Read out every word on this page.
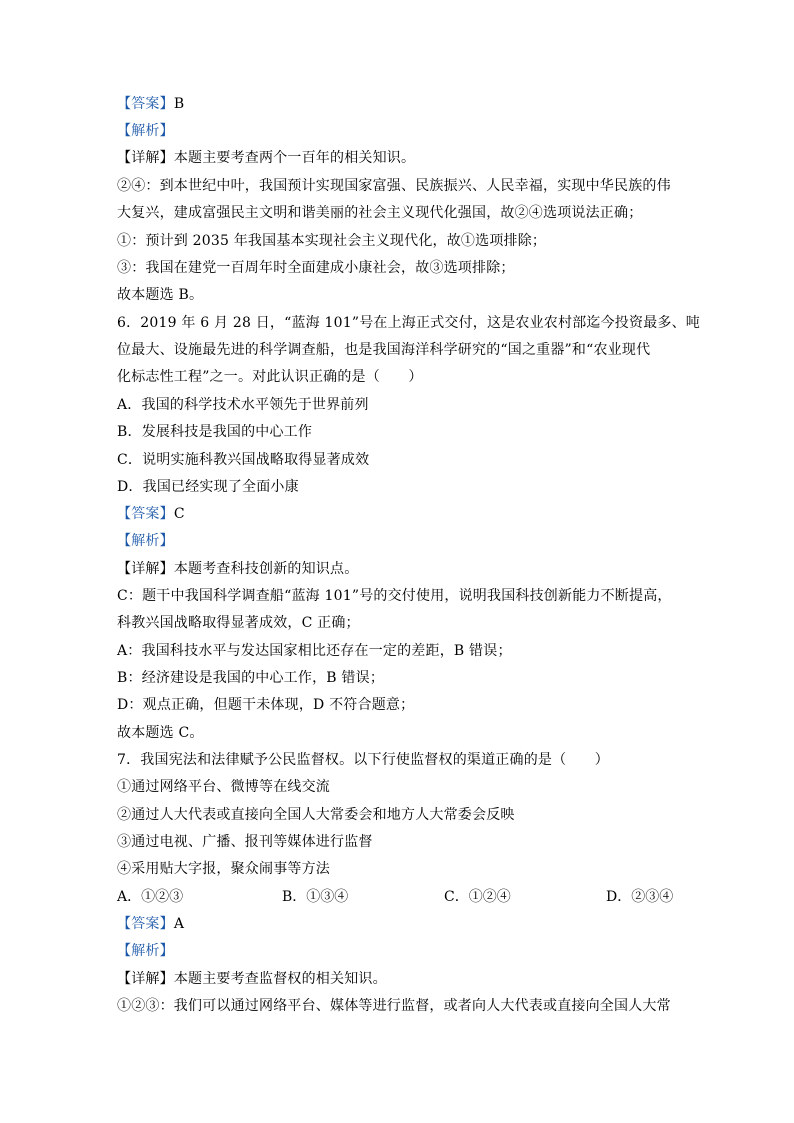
【答案】B
【解析】
【详解】本题主要考查两个一百年的相关知识。
②④：到本世纪中叶，我国预计实现国家富强、民族振兴、人民幸福，实现中华民族的伟
大复兴，建成富强民主文明和谐美丽的社会主义现代化强国，故②④选项说法正确；
①：预计到 2035 年我国基本实现社会主义现代化，故①选项排除；
③：我国在建党一百周年时全面建成小康社会，故③选项排除；
故本题选 B。
6．2019 年 6 月 28 日，“蓝海 101”号在上海正式交付，这是农业农村部迄今投资最多、吨
位最大、设施最先进的科学调查船，也是我国海洋科学研究的“国之重器”和“农业现代
化标志性工程”之一。对此认识正确的是（　　）
A．我国的科学技术水平领先于世界前列
B．发展科技是我国的中心工作
C．说明实施科教兴国战略取得显著成效
D．我国已经实现了全面小康
【答案】C
【解析】
【详解】本题考查科技创新的知识点。
C：题干中我国科学调查船“蓝海 101”号的交付使用，说明我国科技创新能力不断提高，
科教兴国战略取得显著成效，C 正确；
A：我国科技水平与发达国家相比还存在一定的差距，B 错误；
B：经济建设是我国的中心工作，B 错误；
D：观点正确，但题干未体现，D 不符合题意；
故本题选 C。
7．我国宪法和法律赋予公民监督权。以下行使监督权的渠道正确的是（　　）
①通过网络平台、微博等在线交流
②通过人大代表或直接向全国人大常委会和地方人大常委会反映
③通过电视、广播、报刊等媒体进行监督
④采用贴大字报，聚众闹事等方法
A．①②③	B．①③④	C．①②④	D．②③④
【答案】A
【解析】
【详解】本题主要考查监督权的相关知识。
①②③：我们可以通过网络平台、媒体等进行监督，或者向人大代表或直接向全国人大常
